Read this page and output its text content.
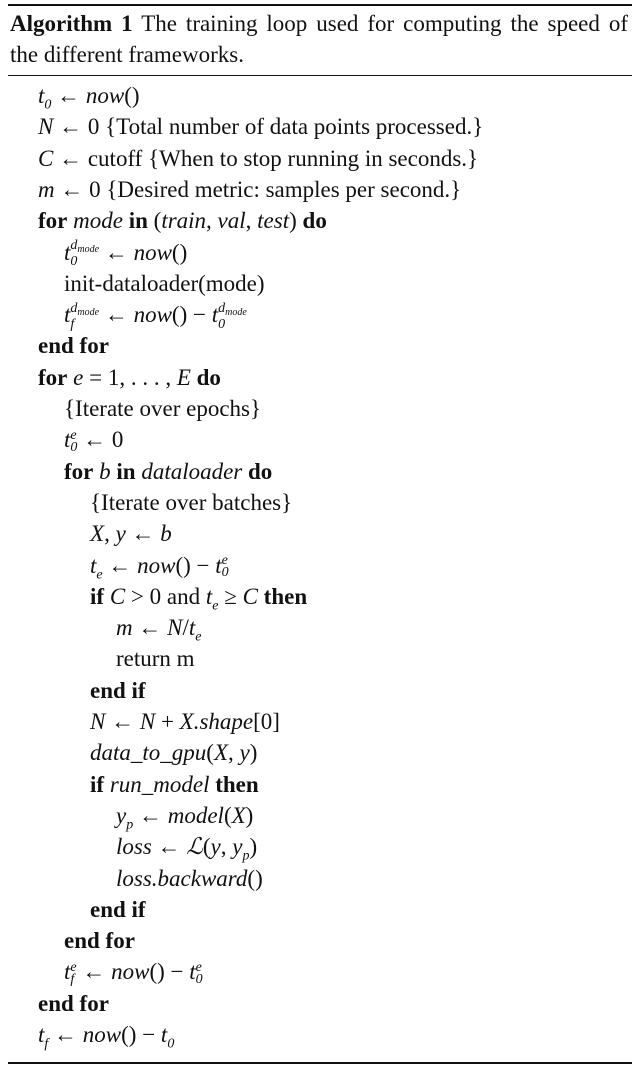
Algorithm 1 The training loop used for computing the speed of the different frameworks.
$t_0$ ← now()
N ← 0 {Total number of data points processed.}
C ← cutoff {When to stop running in seconds.}
m ← 0 {Desired metric: samples per second.}
for mode in (train, val, test) do
t $d_{mode}$
0 ← now()
init-dataloader(mode)
t $d_{mode}$
f	← now() − t $d_{mode}$
0
end for
for e = 1, . . . , E do
{Iterate over epochs}
t e
0 ← 0
for b in dataloader do
{Iterate over batches}
X, y ← b
$t_e$ ← now() − t e
0
if C > 0 and $t_e \ge C$ then
m ← $N/t_e$
return m
end if
N ← N + X.shape[0]
data_to_gpu(X, y)
if run_model then
$y_p$ ← model(X)
loss ← ℒ(y, $y_p$)
loss.backward()
end if
end for
t e
f ← now() − t e
0
end for
$t_f$ ← $now() - t_0$
